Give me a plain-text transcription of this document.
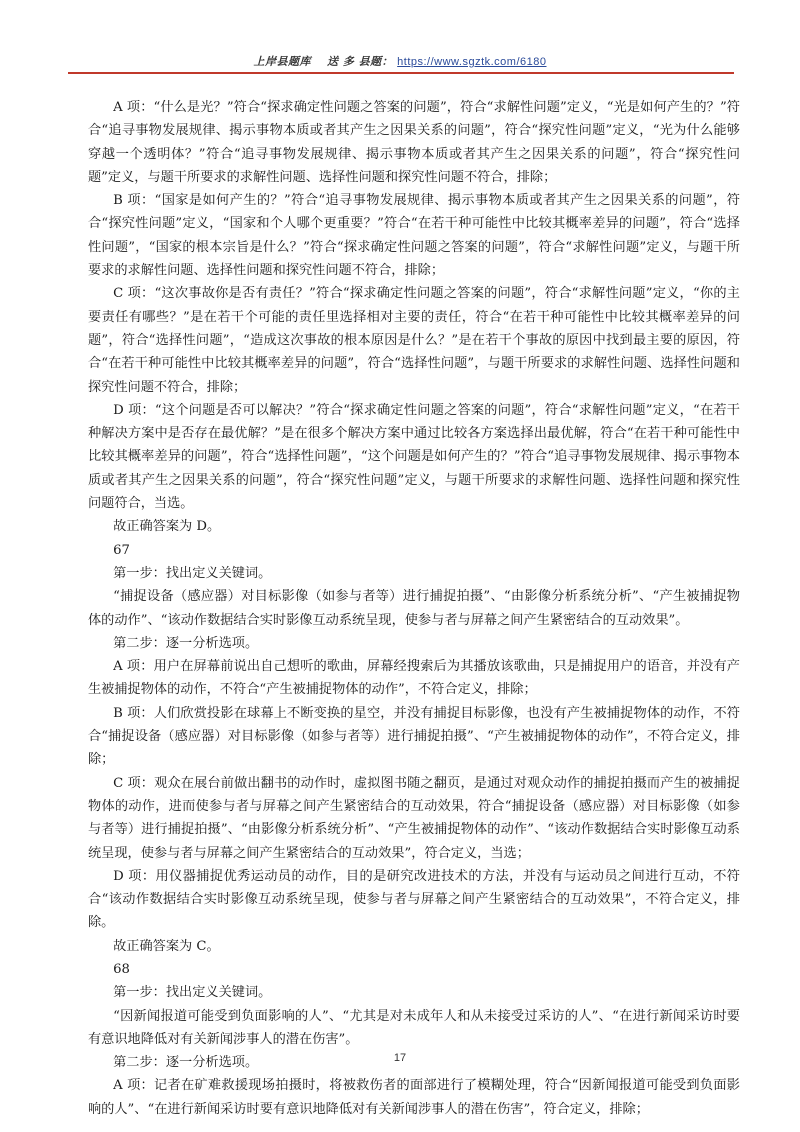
上岸县题库 送 多 县题： https://www.sgztk.com/6180

A 项：“什么是光？”符合“探求确定性问题之答案的问题”，符合“求解性问题”定义，“光是如何产生的？”符合“追寻事物发展规律、揭示事物本质或者其产生之因果关系的问题”，符合“探究性问题”定义，“光为什么能够穿越一个透明体？”符合“追寻事物发展规律、揭示事物本质或者其产生之因果关系的问题”，符合“探究性问题”定义，与题干所要求的求解性问题、选择性问题和探究性问题不符合，排除；

B 项：“国家是如何产生的？”符合“追寻事物发展规律、揭示事物本质或者其产生之因果关系的问题”，符合“探究性问题”定义，“国家和个人哪个更重要？”符合“在若干种可能性中比较其概率差异的问题”，符合“选择性问题”，“国家的根本宗旨是什么？”符合“探求确定性问题之答案的问题”，符合“求解性问题”定义，与题干所要求的求解性问题、选择性问题和探究性问题不符合，排除；

C 项：“这次事故你是否有责任？”符合“探求确定性问题之答案的问题”，符合“求解性问题”定义，“你的主要责任有哪些？”是在若干个可能的责任里选择相对主要的责任，符合“在若干种可能性中比较其概率差异的问题”，符合“选择性问题”，“造成这次事故的根本原因是什么？”是在若干个事故的原因中找到最主要的原因，符合“在若干种可能性中比较其概率差异的问题”，符合“选择性问题”，与题干所要求的求解性问题、选择性问题和探究性问题不符合，排除；

D 项：“这个问题是否可以解决？”符合“探求确定性问题之答案的问题”，符合“求解性问题”定义，“在若干种解决方案中是否存在最优解？”是在很多个解决方案中通过比较各方案选择出最优解，符合“在若干种可能性中比较其概率差异的问题”，符合“选择性问题”，“这个问题是如何产生的？”符合“追寻事物发展规律、揭示事物本质或者其产生之因果关系的问题”，符合“探究性问题”定义，与题干所要求的求解性问题、选择性问题和探究性问题符合，当选。

故正确答案为 D。

67

第一步：找出定义关键词。

“捕捉设备（感应器）对目标影像（如参与者等）进行捕捉拍摄”、“由影像分析系统分析”、“产生被捕捉物体的动作”、“该动作数据结合实时影像互动系统呈现，使参与者与屏幕之间产生紧密结合的互动效果”。

第二步：逐一分析选项。

A 项：用户在屏幕前说出自己想听的歌曲，屏幕经搜索后为其播放该歌曲，只是捕捉用户的语音，并没有产生被捕捉物体的动作，不符合“产生被捕捉物体的动作”，不符合定义，排除；

B 项：人们欣赏投影在球幕上不断变换的星空，并没有捕捉目标影像，也没有产生被捕捉物体的动作，不符合“捕捉设备（感应器）对目标影像（如参与者等）进行捕捉拍摄”、“产生被捕捉物体的动作”，不符合定义，排除；

C 项：观众在展台前做出翻书的动作时，虚拟图书随之翻页，是通过对观众动作的捕捉拍摄而产生的被捕捉物体的动作，进而使参与者与屏幕之间产生紧密结合的互动效果，符合“捕捉设备（感应器）对目标影像（如参与者等）进行捕捉拍摄”、“由影像分析系统分析”、“产生被捕捉物体的动作”、“该动作数据结合实时影像互动系统呈现，使参与者与屏幕之间产生紧密结合的互动效果”，符合定义，当选；

D 项：用仪器捕捉优秀运动员的动作，目的是研究改进技术的方法，并没有与运动员之间进行互动，不符合“该动作数据结合实时影像互动系统呈现，使参与者与屏幕之间产生紧密结合的互动效果”，不符合定义，排除。

故正确答案为 C。

68

第一步：找出定义关键词。

“因新闻报道可能受到负面影响的人”、“尤其是对未成年人和从未接受过采访的人”、“在进行新闻采访时要有意识地降低对有关新闻涉事人的潜在伤害”。

第二步：逐一分析选项。

A 项：记者在矿难救援现场拍摄时，将被救伤者的面部进行了模糊处理，符合“因新闻报道可能受到负面影响的人”、“在进行新闻采访时要有意识地降低对有关新闻涉事人的潜在伤害”，符合定义，排除；

17
